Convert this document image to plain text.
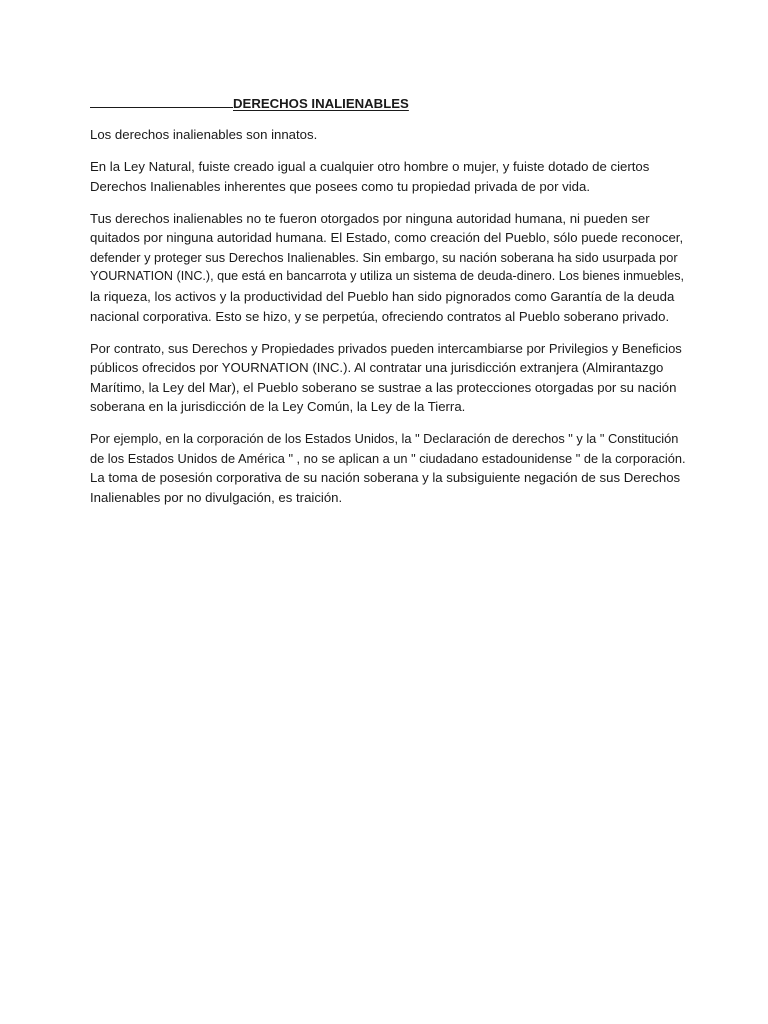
DERECHOS INALIENABLES

Los derechos inalienables son innatos.

En la Ley Natural, fuiste creado igual a cualquier otro hombre o mujer, y fuiste dotado de ciertos
Derechos Inalienables inherentes que posees como tu propiedad privada de por vida.

Tus derechos inalienables no te fueron otorgados por ninguna autoridad humana, ni pueden ser
quitados por ninguna autoridad humana. El Estado, como creación del Pueblo, sólo puede reconocer,
defender y proteger sus Derechos Inalienables. Sin embargo, su nación soberana ha sido usurpada por
YOURNATION (INC.), que está en bancarrota y utiliza un sistema de deuda-dinero. Los bienes inmuebles,
la riqueza, los activos y la productividad del Pueblo han sido pignorados como Garantía de la deuda
nacional corporativa. Esto se hizo, y se perpetúa, ofreciendo contratos al Pueblo soberano privado.

Por contrato, sus Derechos y Propiedades privados pueden intercambiarse por Privilegios y Beneficios
públicos ofrecidos por YOURNATION (INC.). Al contratar una jurisdicción extranjera (Almirantazgo
Marítimo, la Ley del Mar), el Pueblo soberano se sustrae a las protecciones otorgadas por su nación
soberana en la jurisdicción de la Ley Común, la Ley de la Tierra.

Por ejemplo, en la corporación de los Estados Unidos, la " Declaración de derechos " y la " Constitución
de los Estados Unidos de América " , no se aplican a un " ciudadano estadounidense " de la corporación.
La toma de posesión corporativa de su nación soberana y la subsiguiente negación de sus Derechos
Inalienables por no divulgación, es traición.
